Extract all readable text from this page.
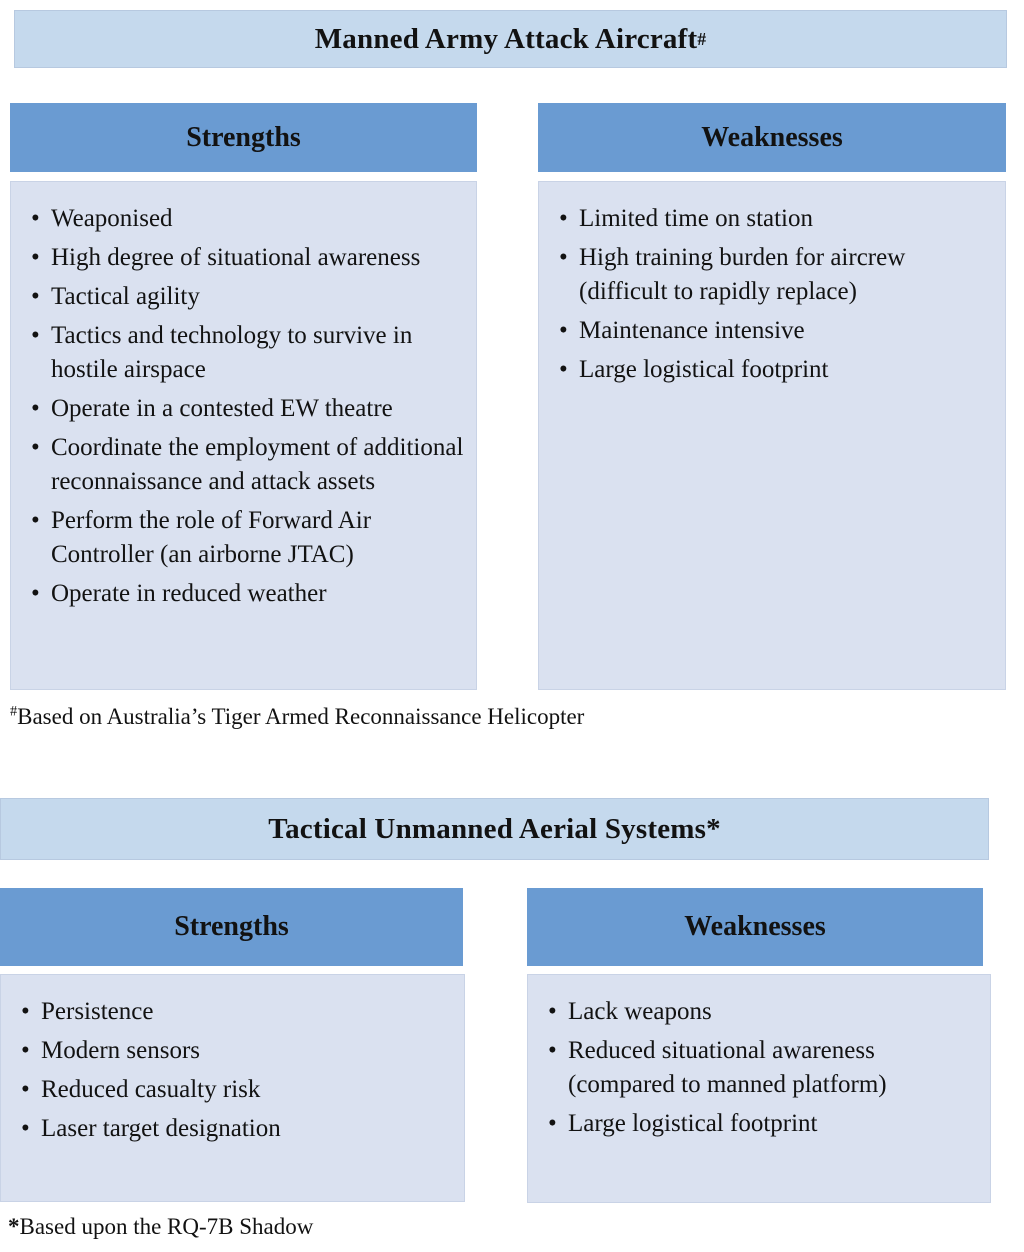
Manned Army Attack Aircraft #
Strengths	Weaknesses
• Weaponised
• High degree of situational awareness
• Tactical agility
• Tactics and technology to survive in hostile airspace
• Operate in a contested EW theatre
• Coordinate the employment of additional reconnaissance and attack assets
• Perform the role of Forward Air Controller (an airborne JTAC)
• Operate in reduced weather
• Limited time on station
• High training burden for aircrew (difficult to rapidly replace)
• Maintenance intensive
• Large logistical footprint
#Based on Australia’s Tiger Armed Reconnaissance Helicopter
Tactical Unmanned Aerial Systems *
Strengths	Weaknesses
• Persistence
• Modern sensors
• Reduced casualty risk
• Laser target designation
• Lack weapons
• Reduced situational awareness (compared to manned platform)
• Large logistical footprint
*Based upon the RQ-7B Shadow
